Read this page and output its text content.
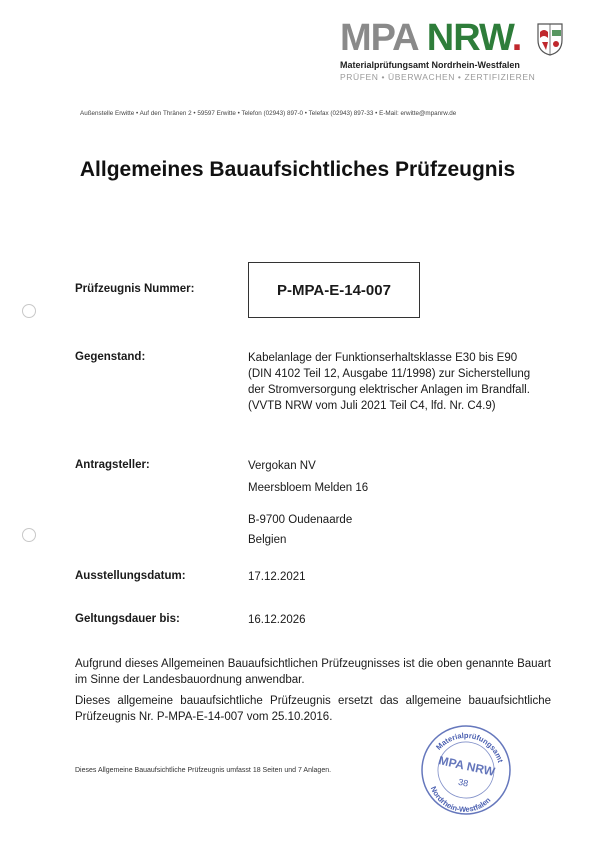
MPA NRW.
Materialprüfungsamt Nordrhein-Westfalen
PRÜFEN • ÜBERWACHEN • ZERTIFIZIEREN
Außenstelle Erwitte • Auf den Thränen 2 • 59597 Erwitte • Telefon (02943) 897-0 • Telefax (02943) 897-33 • E-Mail: erwitte@mpanrw.de
Allgemeines Bauaufsichtliches Prüfzeugnis
Prüfzeugnis Nummer:	P-MPA-E-14-007
Gegenstand:	Kabelanlage der Funktionserhaltsklasse E30 bis E90
(DIN 4102 Teil 12, Ausgabe 11/1998) zur Sicherstellung
der Stromversorgung elektrischer Anlagen im Brandfall.
(VVTB NRW vom Juli 2021 Teil C4, lfd. Nr. C4.9)
Antragsteller:	Vergokan NV
Meersbloem Melden 16
B-9700 Oudenaarde
Belgien
Ausstellungsdatum:	17.12.2021
Geltungsdauer bis:	16.12.2026
Aufgrund dieses Allgemeinen Bauaufsichtlichen Prüfzeugnisses ist die oben genannte Bauart im Sinne der Landesbauordnung anwendbar.
Dieses allgemeine bauaufsichtliche Prüfzeugnis ersetzt das allgemeine bauaufsichtliche Prüfzeugnis Nr. P-MPA-E-14-007 vom 25.10.2016.
Dieses Allgemeine Bauaufsichtliche Prüfzeugnis umfasst 18 Seiten und 7 Anlagen.
Materialprüfungsamt
Nordrhein-Westfalen
MPA NRW
38
